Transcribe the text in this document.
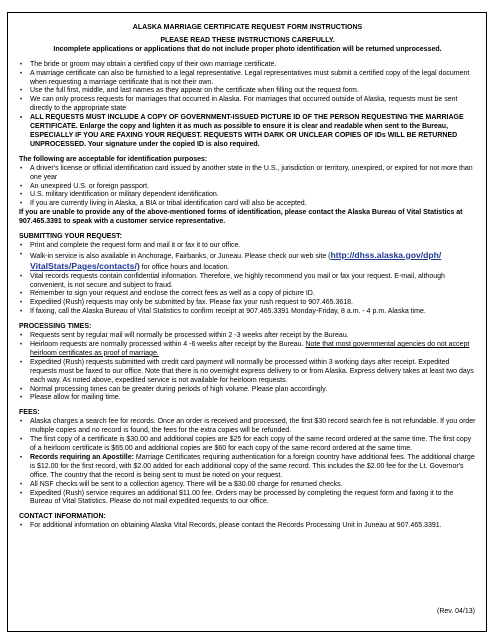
ALASKA MARRIAGE CERTIFICATE REQUEST FORM INSTRUCTIONS
PLEASE READ THESE INSTRUCTIONS CAREFULLY.
Incomplete applications or applications that do not include proper photo identification will be returned unprocessed.
• The bride or groom may obtain a certified copy of their own marriage certificate.
• A marriage certificate can also be furnished to a legal representative. Legal representatives must submit a certified copy of the legal document when requesting a marriage certificate that is not their own.
• Use the full first, middle, and last names as they appear on the certificate when filling out the request form.
• We can only process requests for marriages that occurred in Alaska. For marriages that occurred outside of Alaska, requests must be sent directly to the appropriate state
• ALL REQUESTS MUST INCLUDE A COPY OF GOVERNMENT-ISSUED PICTURE ID OF THE PERSON REQUESTING THE MARRIAGE CERTIFICATE. Enlarge the copy and lighten it as much as possible to ensure it is clear and readable when sent to the Bureau, ESPECIALLY IF YOU ARE FAXING YOUR REQUEST. REQUESTS WITH DARK OR UNCLEAR COPIES OF IDs WILL BE RETURNED UNPROCESSED. Your signature under the copied ID is also required.
The following are acceptable for identification purposes:
• A driver's license or official identification card issued by another state in the U.S., jurisdiction or territory, unexpired, or expired for not more than one year
• An unexpired U.S. or foreign passport.
• U.S. military identification or military dependent identification.
• If you are currently living in Alaska, a BIA or tribal identification card will also be accepted.
If you are unable to provide any of the above-mentioned forms of identification, please contact the Alaska Bureau of Vital Statistics at 907.465.3391 to speak with a customer service representative.
SUBMITTING YOUR REQUEST:
• Print and complete the request form and mail it or fax it to our office.
• Walk-in service is also available in Anchorage, Fairbanks, or Juneau. Please check our web site (http://dhss.alaska.gov/dph/
VitalStats/Pages/contacts/) for office hours and location.
• Vital records requests contain confidential information. Therefore, we highly recommend you mail or fax your request. E-mail, although convenient, is not secure and subject to fraud.
• Remember to sign your request and enclose the correct fees as well as a copy of picture ID.
• Expedited (Rush) requests may only be submitted by fax. Please fax your rush request to 907.465.3618.
• If faxing, call the Alaska Bureau of Vital Statistics to confirm receipt at 907.465.3391 Monday-Friday, 8 a.m. - 4 p.m. Alaska time.
PROCESSING TIMES:
• Requests sent by regular mail will normally be processed within 2 -3 weeks after receipt by the Bureau.
• Heirloom requests are normally processed within 4 -6 weeks after receipt by the Bureau. Note that most governmental agencies do not accept heirloom certificates as proof of marriage.
• Expedited (Rush) requests submitted with credit card payment will normally be processed within 3 working days after receipt. Expedited requests must be faxed to our office. Note that there is no overnight express delivery to or from Alaska. Express delivery takes at least two days each way. As noted above, expedited service is not available for heirloom requests.
• Normal processing times can be greater during periods of high volume. Please plan accordingly.
• Please allow for mailing time.
FEES:
• Alaska charges a search fee for records. Once an order is received and processed, the first $30 record search fee is not refundable. If you order multiple copies and no record is found, the fees for the extra copies will be refunded.
• The first copy of a certificate is $30.00 and additional copies are $25 for each copy of the same record ordered at the same time. The first copy of a heirloom certificate is $65.00 and additional copies are $60 for each copy of the same record ordered at the same time.
• Records requiring an Apostille: Marriage Certificates requiring authentication for a foreign country have additional fees. The additional charge is $12.00 for the first record, with $2.00 added for each additional copy of the same record. This includes the $2.00 fee for the Lt. Governor's office. The country that the record is being sent to must be noted on your request.
• All NSF checks will be sent to a collection agency. There will be a $30.00 charge for returned checks.
• Expedited (Rush) service requires an additional $11.00 fee. Orders may be processed by completing the request form and faxing it to the Bureau of Vital Statistics. Please do not mail expedited requests to our office.
CONTACT INFORMATION:
• For additional information on obtaining Alaska Vital Records, please contact the Records Processing Unit in Juneau at 907.465.3391.
(Rev. 04/13)
